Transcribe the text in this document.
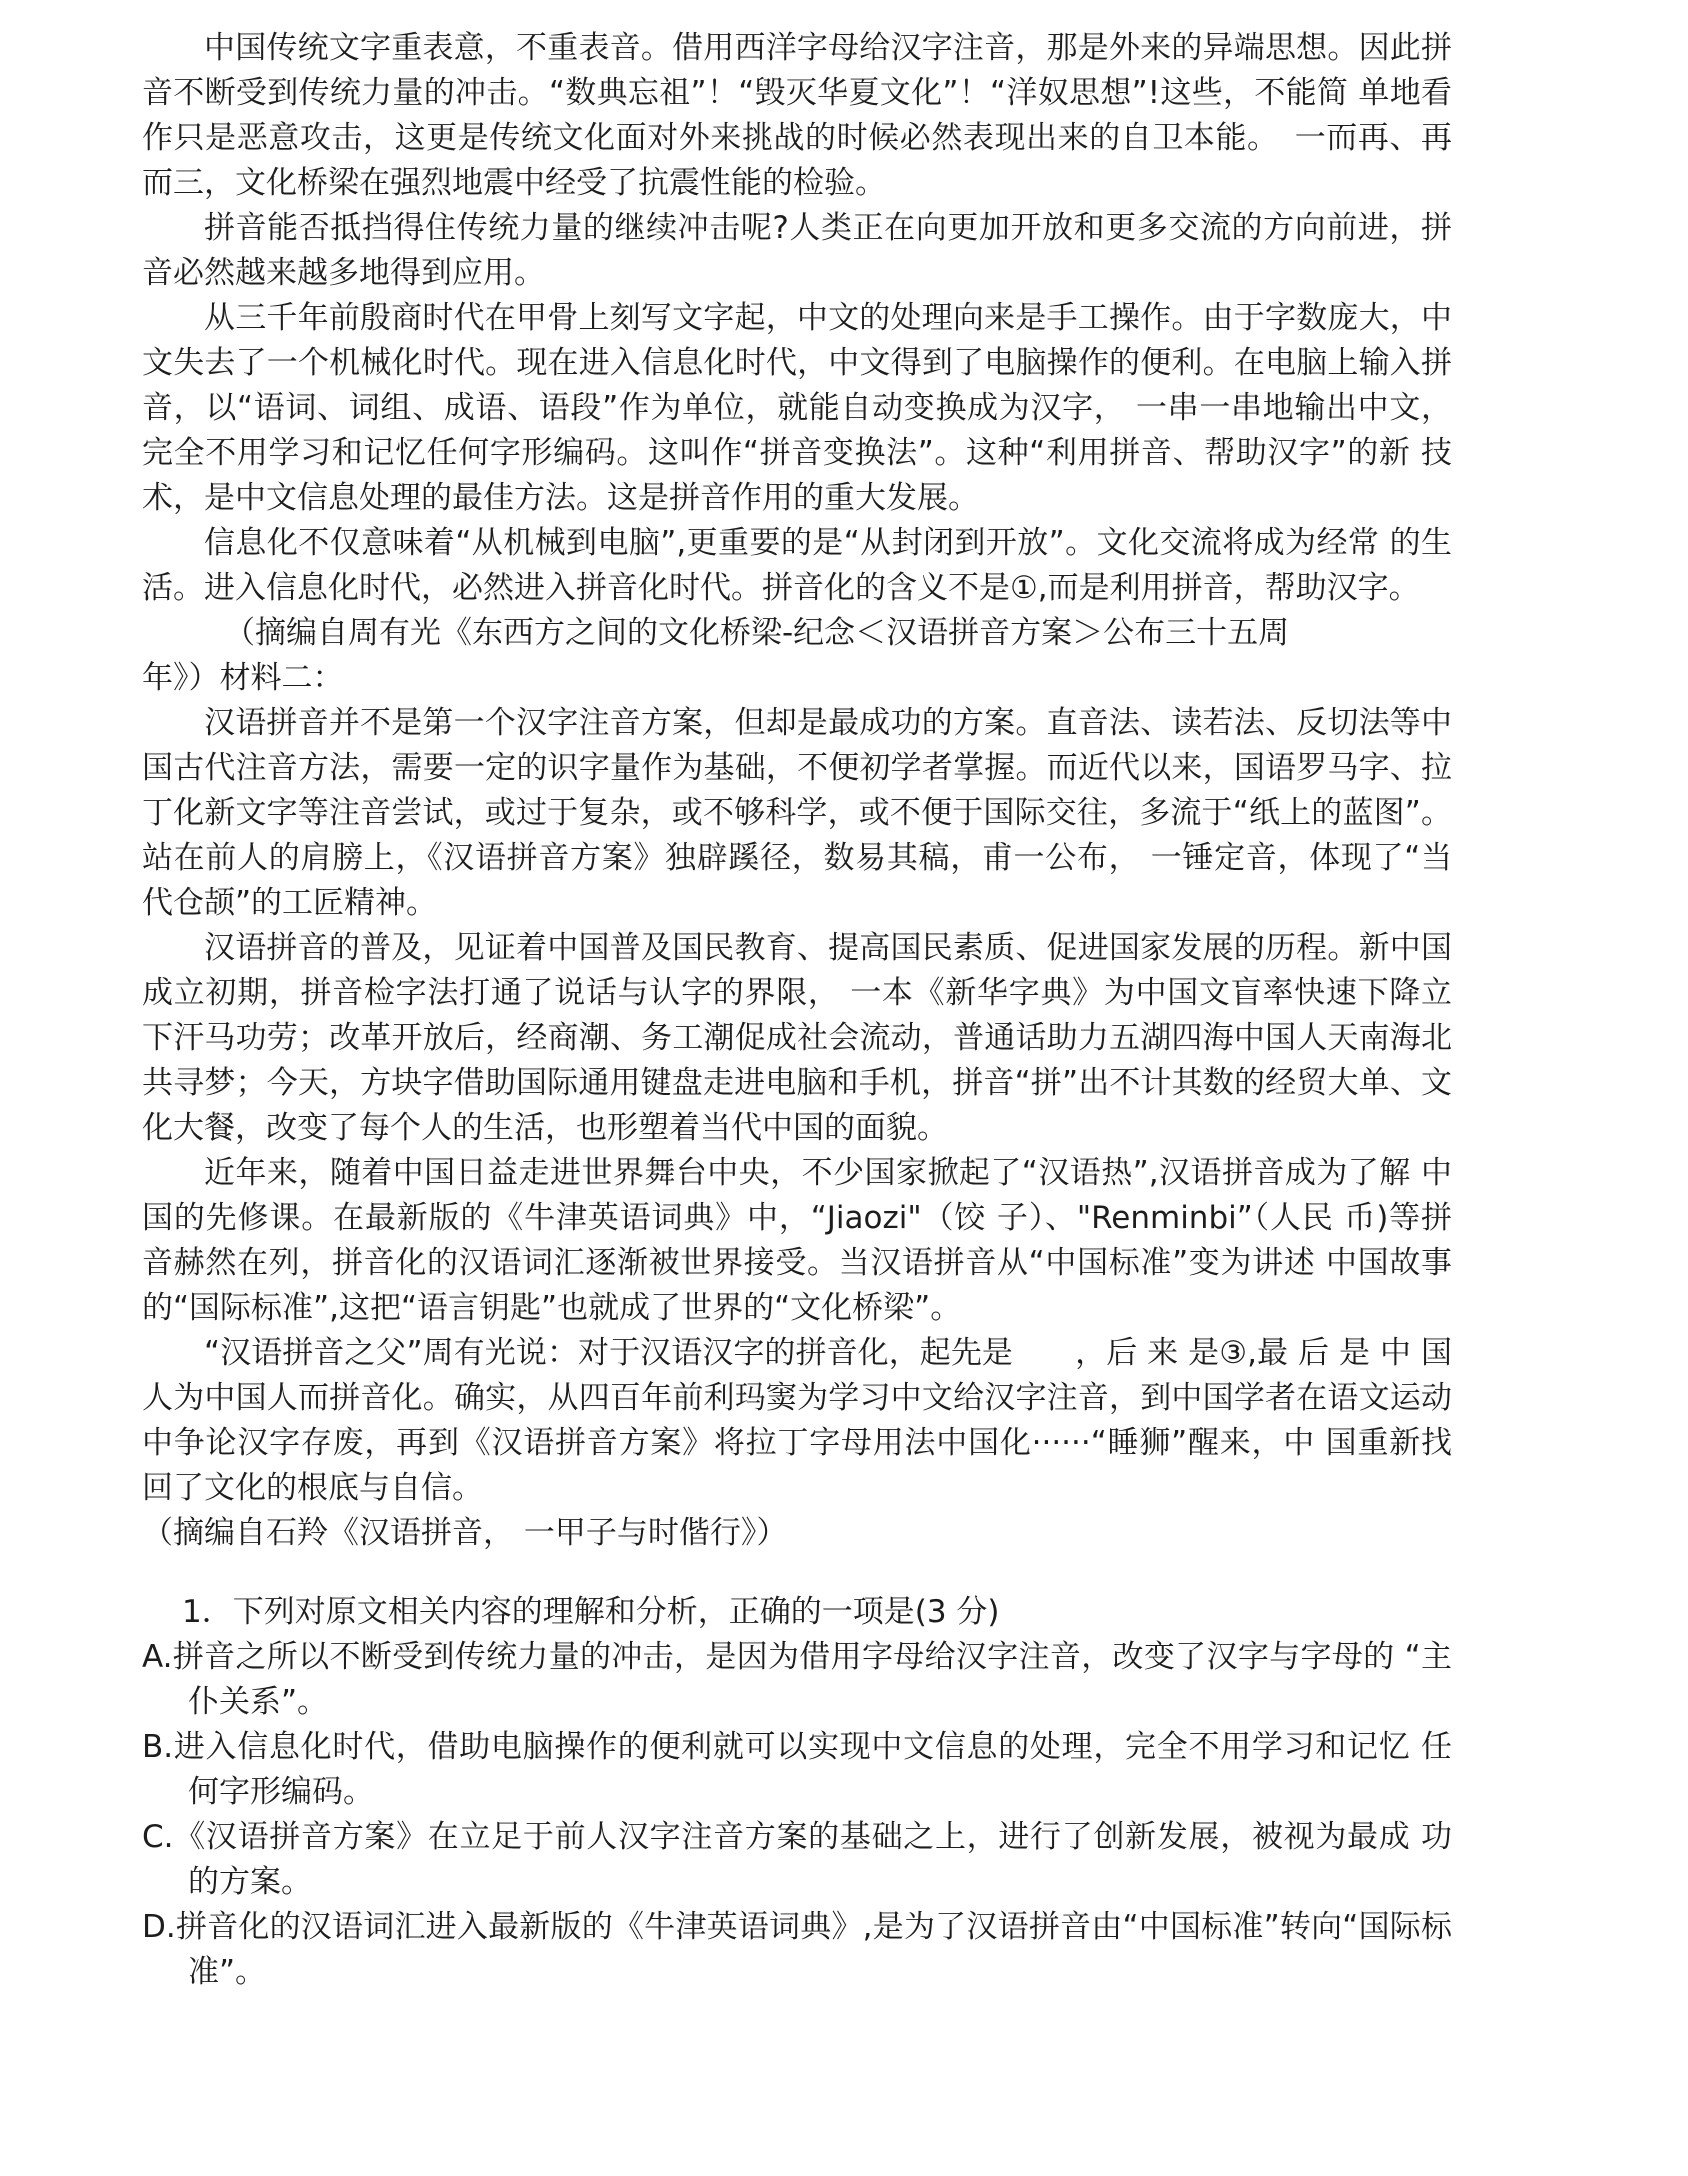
中国传统文字重表意，不重表音。借用西洋字母给汉字注音，那是外来的异端思想。因此拼音不断受到传统力量的冲击。“数典忘祖”！“毁灭华夏文化”！“洋奴思想”!这些，不能简 单地看作只是恶意攻击，这更是传统文化面对外来挑战的时候必然表现出来的自卫本能。　一而再、再而三，文化桥梁在强烈地震中经受了抗震性能的检验。

拼音能否抵挡得住传统力量的继续冲击呢?人类正在向更加开放和更多交流的方向前进，拼音必然越来越多地得到应用。

从三千年前殷商时代在甲骨上刻写文字起，中文的处理向来是手工操作。由于字数庞大，中文失去了一个机械化时代。现在进入信息化时代，中文得到了电脑操作的便利。在电脑上输入拼音，以“语词、词组、成语、语段”作为单位，就能自动变换成为汉字， 一串一串地输出中文，完全不用学习和记忆任何字形编码。这叫作“拼音变换法”。这种“利用拼音、帮助汉字”的新 技术，是中文信息处理的最佳方法。这是拼音作用的重大发展。

信息化不仅意味着“从机械到电脑”,更重要的是“从封闭到开放”。文化交流将成为经常 的生活。进入信息化时代，必然进入拼音化时代。拼音化的含义不是①,而是利用拼音，帮助汉字。

（摘编自周有光《东西方之间的文化桥梁-纪念＜汉语拼音方案＞公布三十五周

年》）材料二：

汉语拼音并不是第一个汉字注音方案，但却是最成功的方案。直音法、读若法、反切法等中国古代注音方法，需要一定的识字量作为基础，不便初学者掌握。而近代以来，国语罗马字、拉丁化新文字等注音尝试，或过于复杂，或不够科学，或不便于国际交往，多流于“纸上的蓝图”。站在前人的肩膀上，《汉语拼音方案》独辟蹊径，数易其稿，甫一公布， 一锤定音，体现了“当代仓颉”的工匠精神。

汉语拼音的普及，见证着中国普及国民教育、提高国民素质、促进国家发展的历程。新中国成立初期，拼音检字法打通了说话与认字的界限， 一本《新华字典》为中国文盲率快速下降立下汗马功劳；改革开放后，经商潮、务工潮促成社会流动，普通话助力五湖四海中国人天南海北共寻梦；今天，方块字借助国际通用键盘走进电脑和手机，拼音“拼”出不计其数的经贸大单、文化大餐，改变了每个人的生活，也形塑着当代中国的面貌。

近年来，随着中国日益走进世界舞台中央，不少国家掀起了“汉语热”,汉语拼音成为了解 中国的先修课。在最新版的《牛津英语词典》中，“Jiaozi"（饺 子）、"Renminbi”（人民 币)等拼音赫然在列，拼音化的汉语词汇逐渐被世界接受。当汉语拼音从“中国标准”变为讲述 中国故事的“国际标准”,这把“语言钥匙”也就成了世界的“文化桥梁”。

“汉语拼音之父”周有光说：对于汉语汉字的拼音化，起先是　　，后 来 是③,最 后 是 中 国 人为中国人而拼音化。确实，从四百年前利玛窦为学习中文给汉字注音，到中国学者在语文运动中争论汉字存废，再到《汉语拼音方案》将拉丁字母用法中国化······“睡狮”醒来，中 国重新找回了文化的根底与自信。

（摘编自石羚《汉语拼音， 一甲子与时偕行》）

1．下列对原文相关内容的理解和分析，正确的一项是(3 分)

A.拼音之所以不断受到传统力量的冲击，是因为借用字母给汉字注音，改变了汉字与字母的 “主仆关系”。

B.进入信息化时代，借助电脑操作的便利就可以实现中文信息的处理，完全不用学习和记忆 任何字形编码。

C.《汉语拼音方案》在立足于前人汉字注音方案的基础之上，进行了创新发展，被视为最成 功的方案。

D.拼音化的汉语词汇进入最新版的《牛津英语词典》,是为了汉语拼音由“中国标准”转向“国际标准”。
